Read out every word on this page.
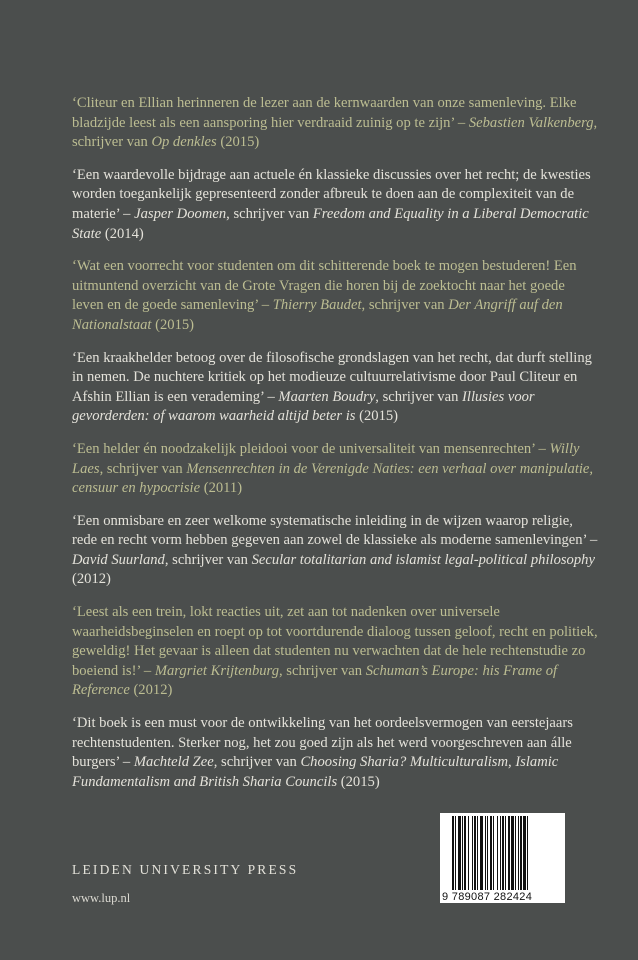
‘Cliteur en Ellian herinneren de lezer aan de kernwaarden van onze samenleving. Elke bladzijde leest als een aansporing hier verdraaid zuinig op te zijn’ – Sebastien Valkenberg, schrijver van Op denkles (2015)

‘Een waardevolle bijdrage aan actuele én klassieke discussies over het recht; de kwesties worden toegankelijk gepresenteerd zonder afbreuk te doen aan de complexiteit van de materie’ – Jasper Doomen, schrijver van Freedom and Equality in a Liberal Democratic State (2014)

‘Wat een voorrecht voor studenten om dit schitterende boek te mogen bestuderen! Een uitmuntend overzicht van de Grote Vragen die horen bij de zoektocht naar het goede leven en de goede samenleving’ – Thierry Baudet, schrijver van Der Angriff auf den Nationalstaat (2015)

‘Een kraakhelder betoog over de filosofische grondslagen van het recht, dat durft stelling in nemen. De nuchtere kritiek op het modieuze cultuurrelativisme door Paul Cliteur en Afshin Ellian is een verademing’ – Maarten Boudry, schrijver van Illusies voor gevorderden: of waarom waarheid altijd beter is (2015)

‘Een helder én noodzakelijk pleidooi voor de universaliteit van mensenrechten’ – Willy Laes, schrijver van Mensenrechten in de Verenigde Naties: een verhaal over manipulatie, censuur en hypocrisie (2011)

‘Een onmisbare en zeer welkome systematische inleiding in de wijzen waarop religie, rede en recht vorm hebben gegeven aan zowel de klassieke als moderne samenlevingen’ – David Suurland, schrijver van Secular totalitarian and islamist legal-political philosophy (2012)

‘Leest als een trein, lokt reacties uit, zet aan tot nadenken over universele waarheidsbeginselen en roept op tot voortdurende dialoog tussen geloof, recht en politiek, geweldig! Het gevaar is alleen dat studenten nu verwachten dat de hele rechtenstudie zo boeiend is!’ – Margriet Krijtenburg, schrijver van Schuman’s Europe: his Frame of Reference (2012)

‘Dit boek is een must voor de ontwikkeling van het oordeelsvermogen van eerstejaars rechtenstudenten. Sterker nog, het zou goed zijn als het werd voorgeschreven aan álle burgers’ – Machteld Zee, schrijver van Choosing Sharia? Multiculturalism, Islamic Fundamentalism and British Sharia Councils (2015)

LEIDEN UNIVERSITY PRESS
www.lup.nl	9 789087 282424
